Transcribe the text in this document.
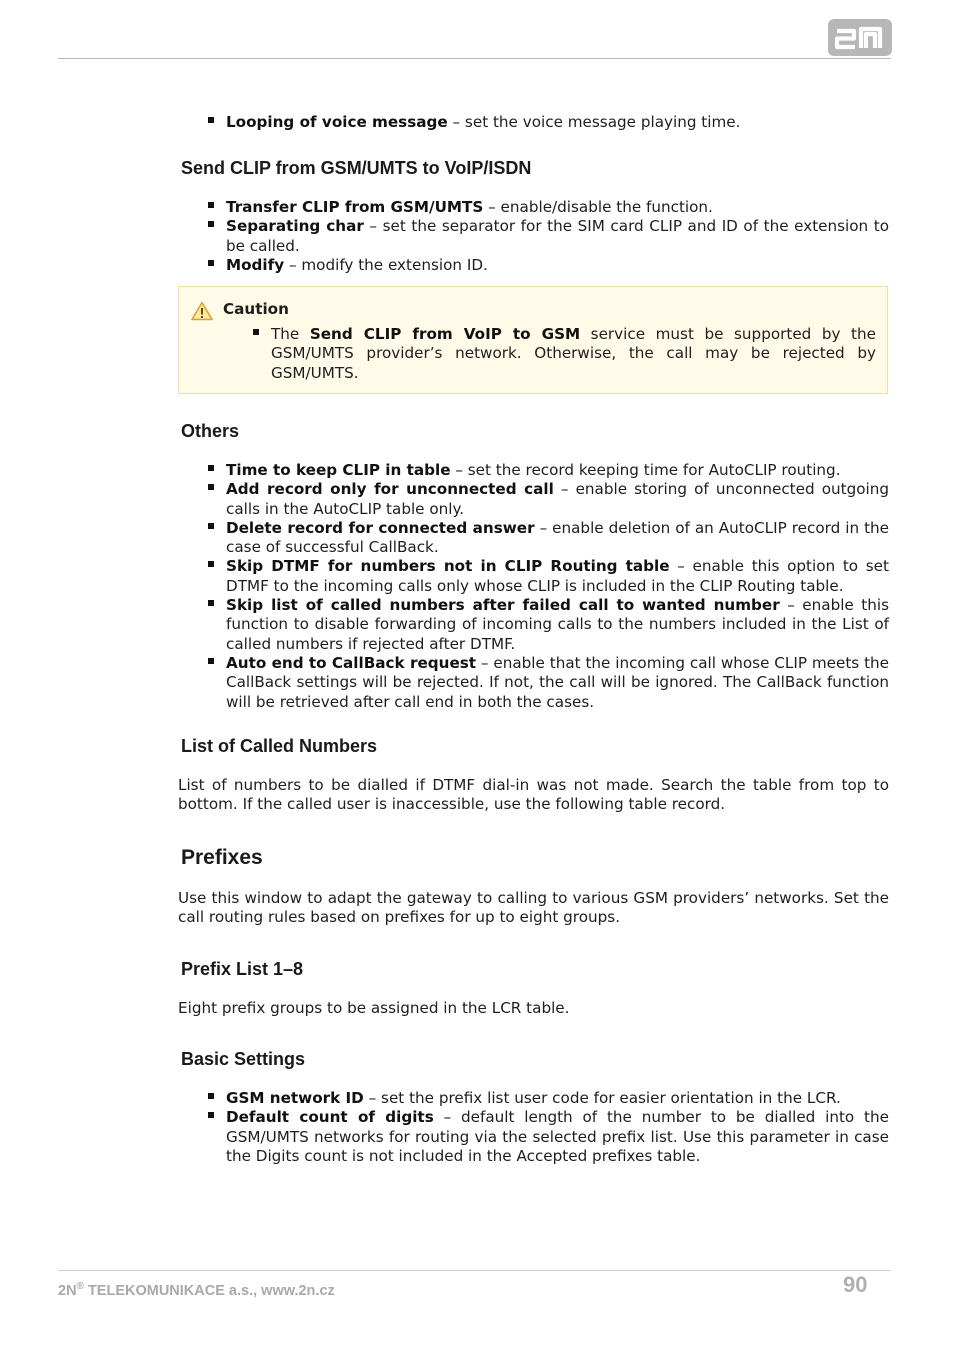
Looping of voice message – set the voice message playing time.
Send CLIP from GSM/UMTS to VoIP/ISDN
Transfer CLIP from GSM/UMTS – enable/disable the function.
Separating char – set the separator for the SIM card CLIP and ID of the extension to be called.
Modify – modify the extension ID.
Caution
The Send CLIP from VoIP to GSM service must be supported by the GSM/UMTS provider’s network. Otherwise, the call may be rejected by GSM/UMTS.
Others
Time to keep CLIP in table – set the record keeping time for AutoCLIP routing.
Add record only for unconnected call – enable storing of unconnected outgoing calls in the AutoCLIP table only.
Delete record for connected answer – enable deletion of an AutoCLIP record in the case of successful CallBack.
Skip DTMF for numbers not in CLIP Routing table – enable this option to set DTMF to the incoming calls only whose CLIP is included in the CLIP Routing table.
Skip list of called numbers after failed call to wanted number – enable this function to disable forwarding of incoming calls to the numbers included in the List of called numbers if rejected after DTMF.
Auto end to CallBack request – enable that the incoming call whose CLIP meets the CallBack settings will be rejected. If not, the call will be ignored. The CallBack function will be retrieved after call end in both the cases.
List of Called Numbers

List of numbers to be dialled if DTMF dial-in was not made. Search the table from top to bottom. If the called user is inaccessible, use the following table record.

Prefixes

Use this window to adapt the gateway to calling to various GSM providers’ networks. Set the call routing rules based on prefixes for up to eight groups.

Prefix List 1–8

Eight prefix groups to be assigned in the LCR table.

Basic Settings
GSM network ID – set the prefix list user code for easier orientation in the LCR.
Default count of digits – default length of the number to be dialled into the GSM/UMTS networks for routing via the selected prefix list. Use this parameter in case the Digits count is not included in the Accepted prefixes table.
2N® TELEKOMUNIKACE a.s., www.2n.cz	90
